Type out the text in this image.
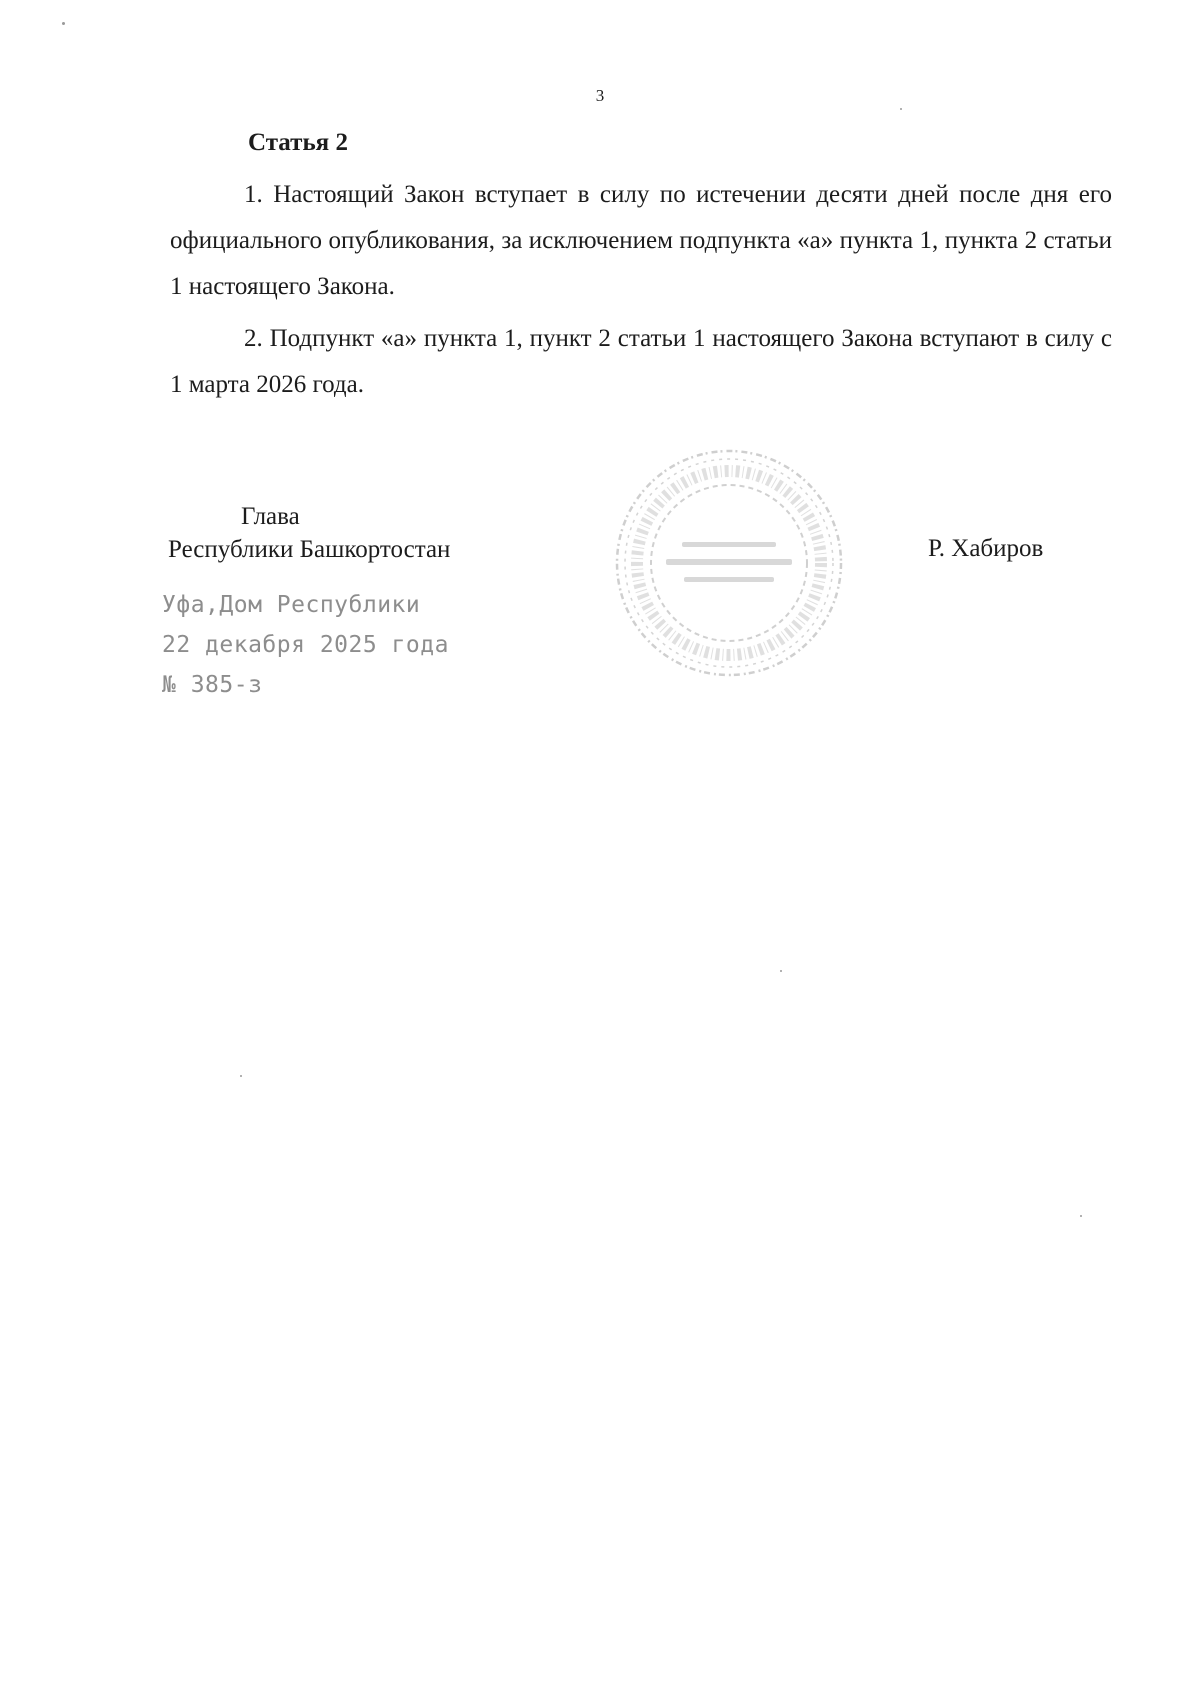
3
Статья 2
1. Настоящий Закон вступает в силу по истечении десяти дней после дня его официального опубликования, за исключением подпункта «а» пункта 1, пункта 2 статьи 1 настоящего Закона.
2. Подпункт «а» пункта 1, пункт 2 статьи 1 настоящего Закона вступают в силу с 1 марта 2026 года.
Глава
Республики Башкортостан	Р. Хабиров
Уфа,Дом Республики
22 декабря 2025 года
№ 385-з
